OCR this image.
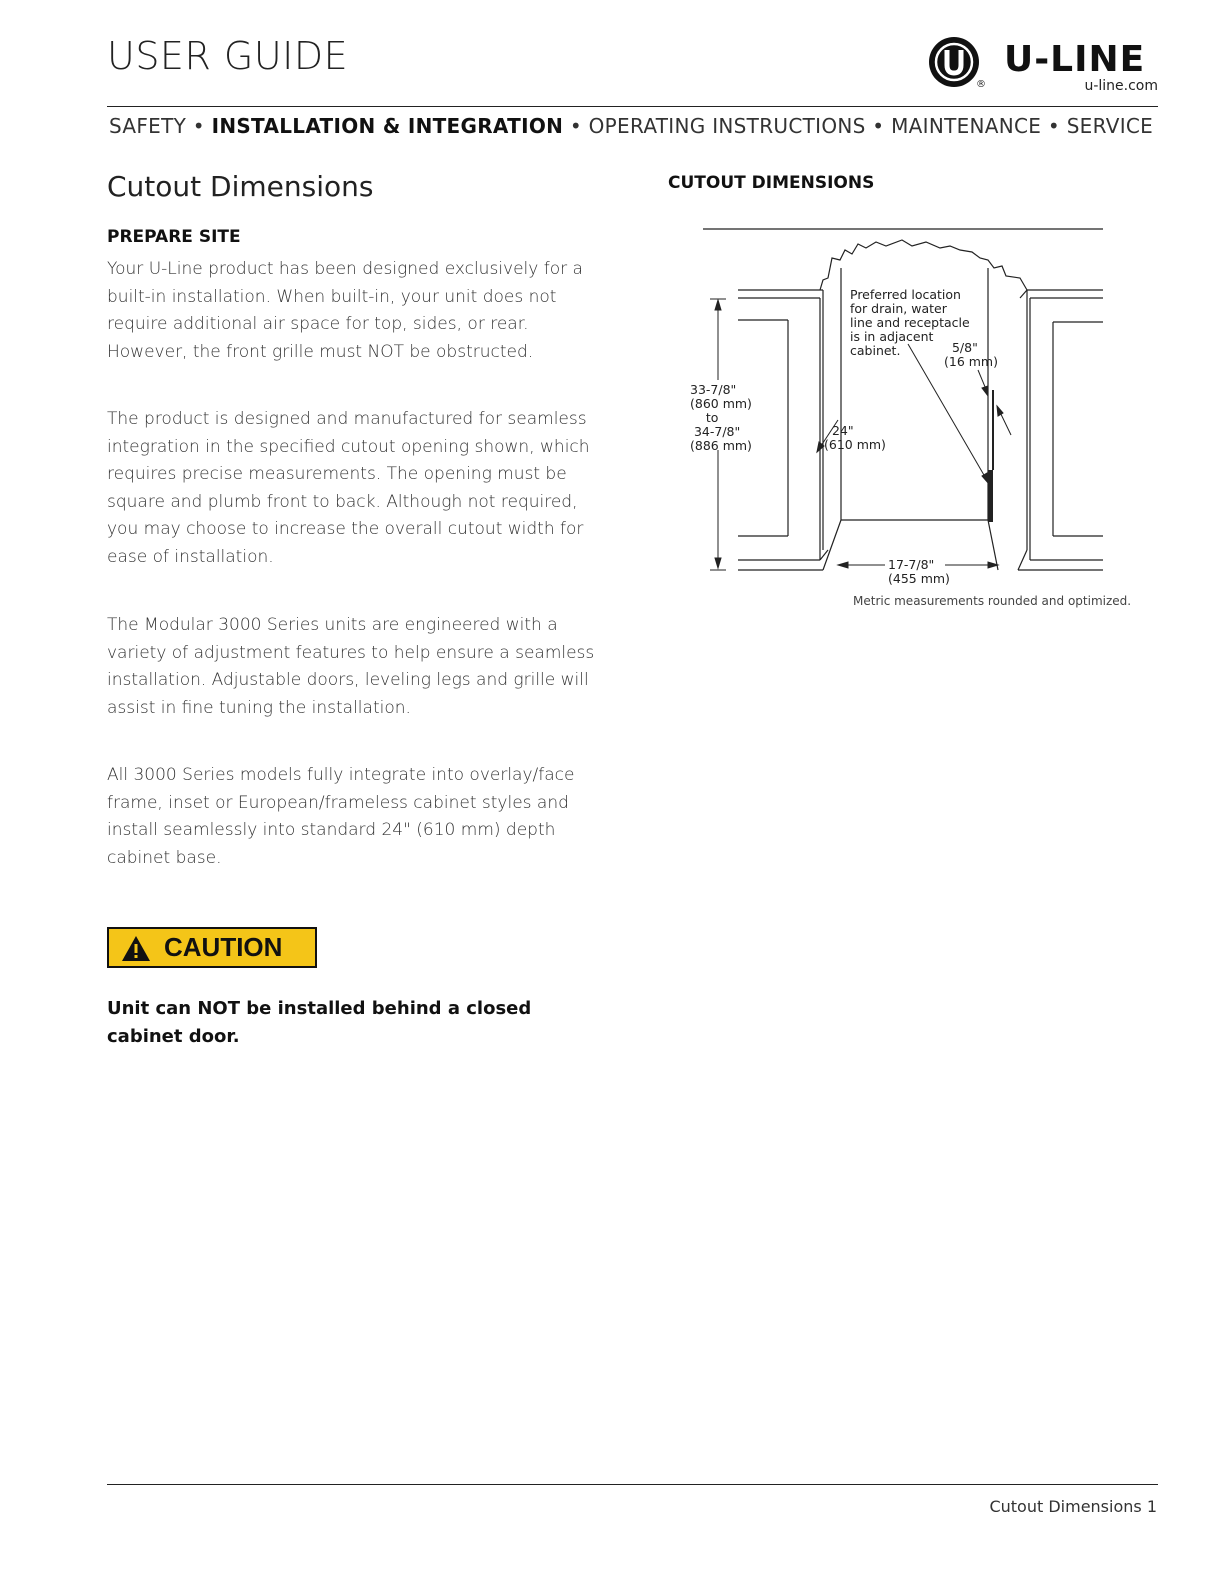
USER GUIDE
®
U-LINE
u-line.com
SAFETY • INSTALLATION & INTEGRATION • OPERATING INSTRUCTIONS • MAINTENANCE • SERVICE
Cutout Dimensions
PREPARE SITE
Your U-Line product has been designed exclusively for a built-in installation. When built-in, your unit does not require additional air space for top, sides, or rear. However, the front grille must NOT be obstructed.
The product is designed and manufactured for seamless integration in the specified cutout opening shown, which requires precise measurements. The opening must be square and plumb front to back. Although not required, you may choose to increase the overall cutout width for ease of installation.
The Modular 3000 Series units are engineered with a variety of adjustment features to help ensure a seamless installation. Adjustable doors, leveling legs and grille will assist in fine tuning the installation.
All 3000 Series models fully integrate into overlay/face frame, inset or European/frameless cabinet styles and install seamlessly into standard 24" (610 mm) depth cabinet base.
CAUTION
Unit can NOT be installed behind a closed cabinet door.
CUTOUT DIMENSIONS
33-7/8"
(860 mm)
to
34-7/8"
(886 mm)
24"
(610 mm)
17-7/8"
(455 mm)
5/8"
(16 mm)
Preferred location
for drain, water
line and receptacle
is in adjacent
cabinet.
Metric measurements rounded and optimized.
Cutout Dimensions 1
